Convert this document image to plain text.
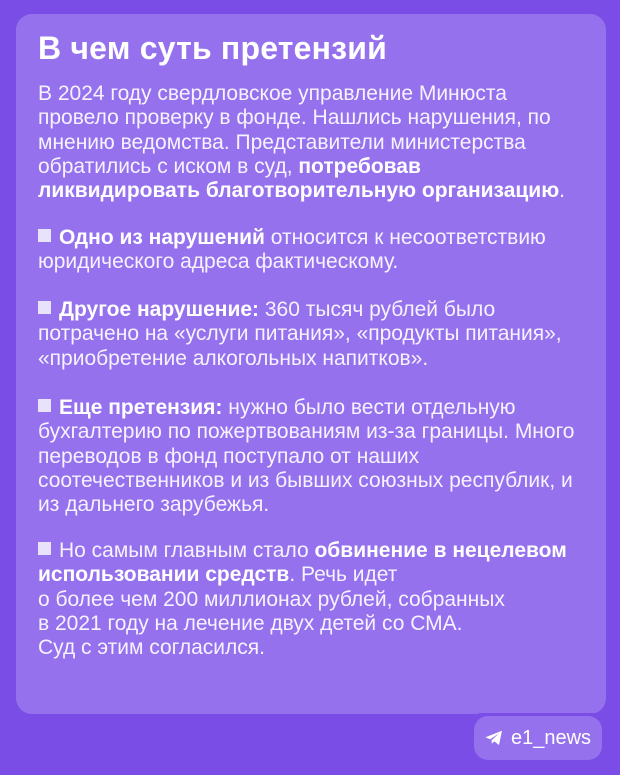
В чем суть претензий
В 2024 году свердловское управление Минюста провело проверку в фонде. Нашлись нарушения, по мнению ведомства. Представители министерства обратились с иском в суд, потребовав ликвидировать благотворительную организацию.
Одно из нарушений относится к несоответствию юридического адреса фактическому.
Другое нарушение: 360 тысяч рублей было потрачено на «услуги питания», «продукты питания», «приобретение алкогольных напитков».
Еще претензия: нужно было вести отдельную бухгалтерию по пожертвованиям из-за границы. Много переводов в фонд поступало от наших соотечественников и из бывших союзных республик, и из дальнего зарубежья.
Но самым главным стало обвинение в нецелевом использовании средств. Речь идет
о более чем 200 миллионах рублей, собранных
в 2021 году на лечение двух детей со СМА.
Суд с этим согласился.
e1_news
